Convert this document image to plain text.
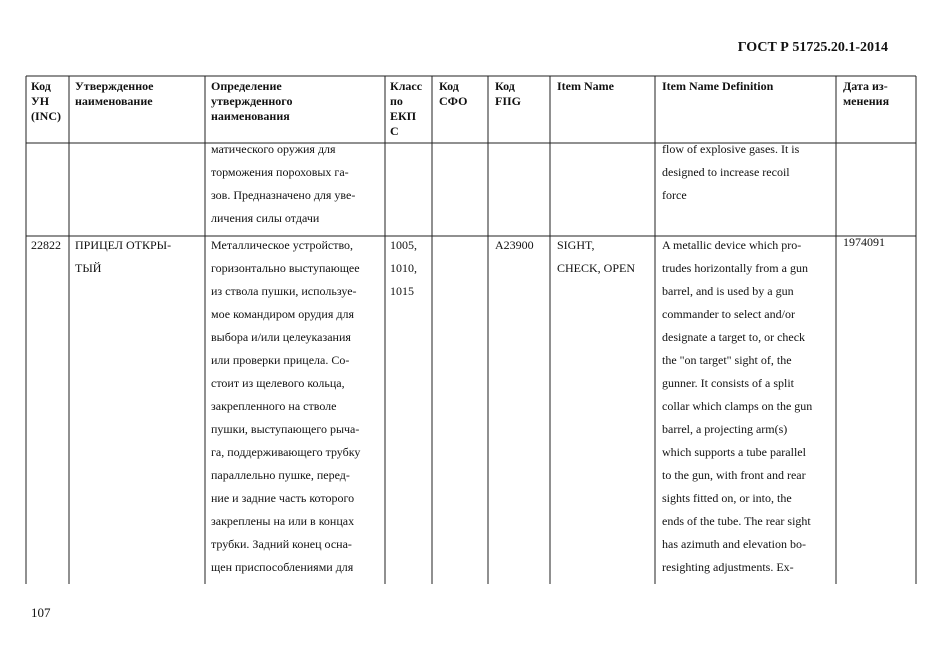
ГОСТ Р 51725.20.1-2014
Код
УН
(INC)
Утвержденное
наименование
Определение
утвержденного
наименования
Класс
по
ЕКП
С
Код
СФО
Код
FIIG
Item Name	Item Name Definition	Дата из-
менения
матического оружия для
торможения пороховых га-
зов. Предназначено для уве-
личения силы отдачи
flow of explosive gases. It is
designed to increase recoil
force
22822 ПРИЦЕЛ ОТКРЫ-
ТЫЙ
Металлическое устройство,
горизонтально выступающее
из ствола пушки, используе-
мое командиром орудия для
выбора и/или целеуказания
или проверки прицела. Со-
стоит из щелевого кольца,
закрепленного на стволе
пушки, выступающего рыча-
га, поддерживающего трубку
параллельно пушке, перед-
ние и задние часть которого
закреплены на или в концах
трубки. Задний конец осна-
щен приспособлениями для
1005,
1010,
1015
A23900 SIGHT,
CHECK, OPEN
A metallic device which pro-
trudes horizontally from a gun
barrel, and is used by a gun
commander to select and/or
designate a target to, or check
the "on target" sight of, the
gunner. It consists of a split
collar which clamps on the gun
barrel, a projecting arm(s)
which supports a tube parallel
to the gun, with front and rear
sights fitted on, or into, the
ends of the tube. The rear sight
has azimuth and elevation bo-
resighting adjustments. Ex-
1974091
107
